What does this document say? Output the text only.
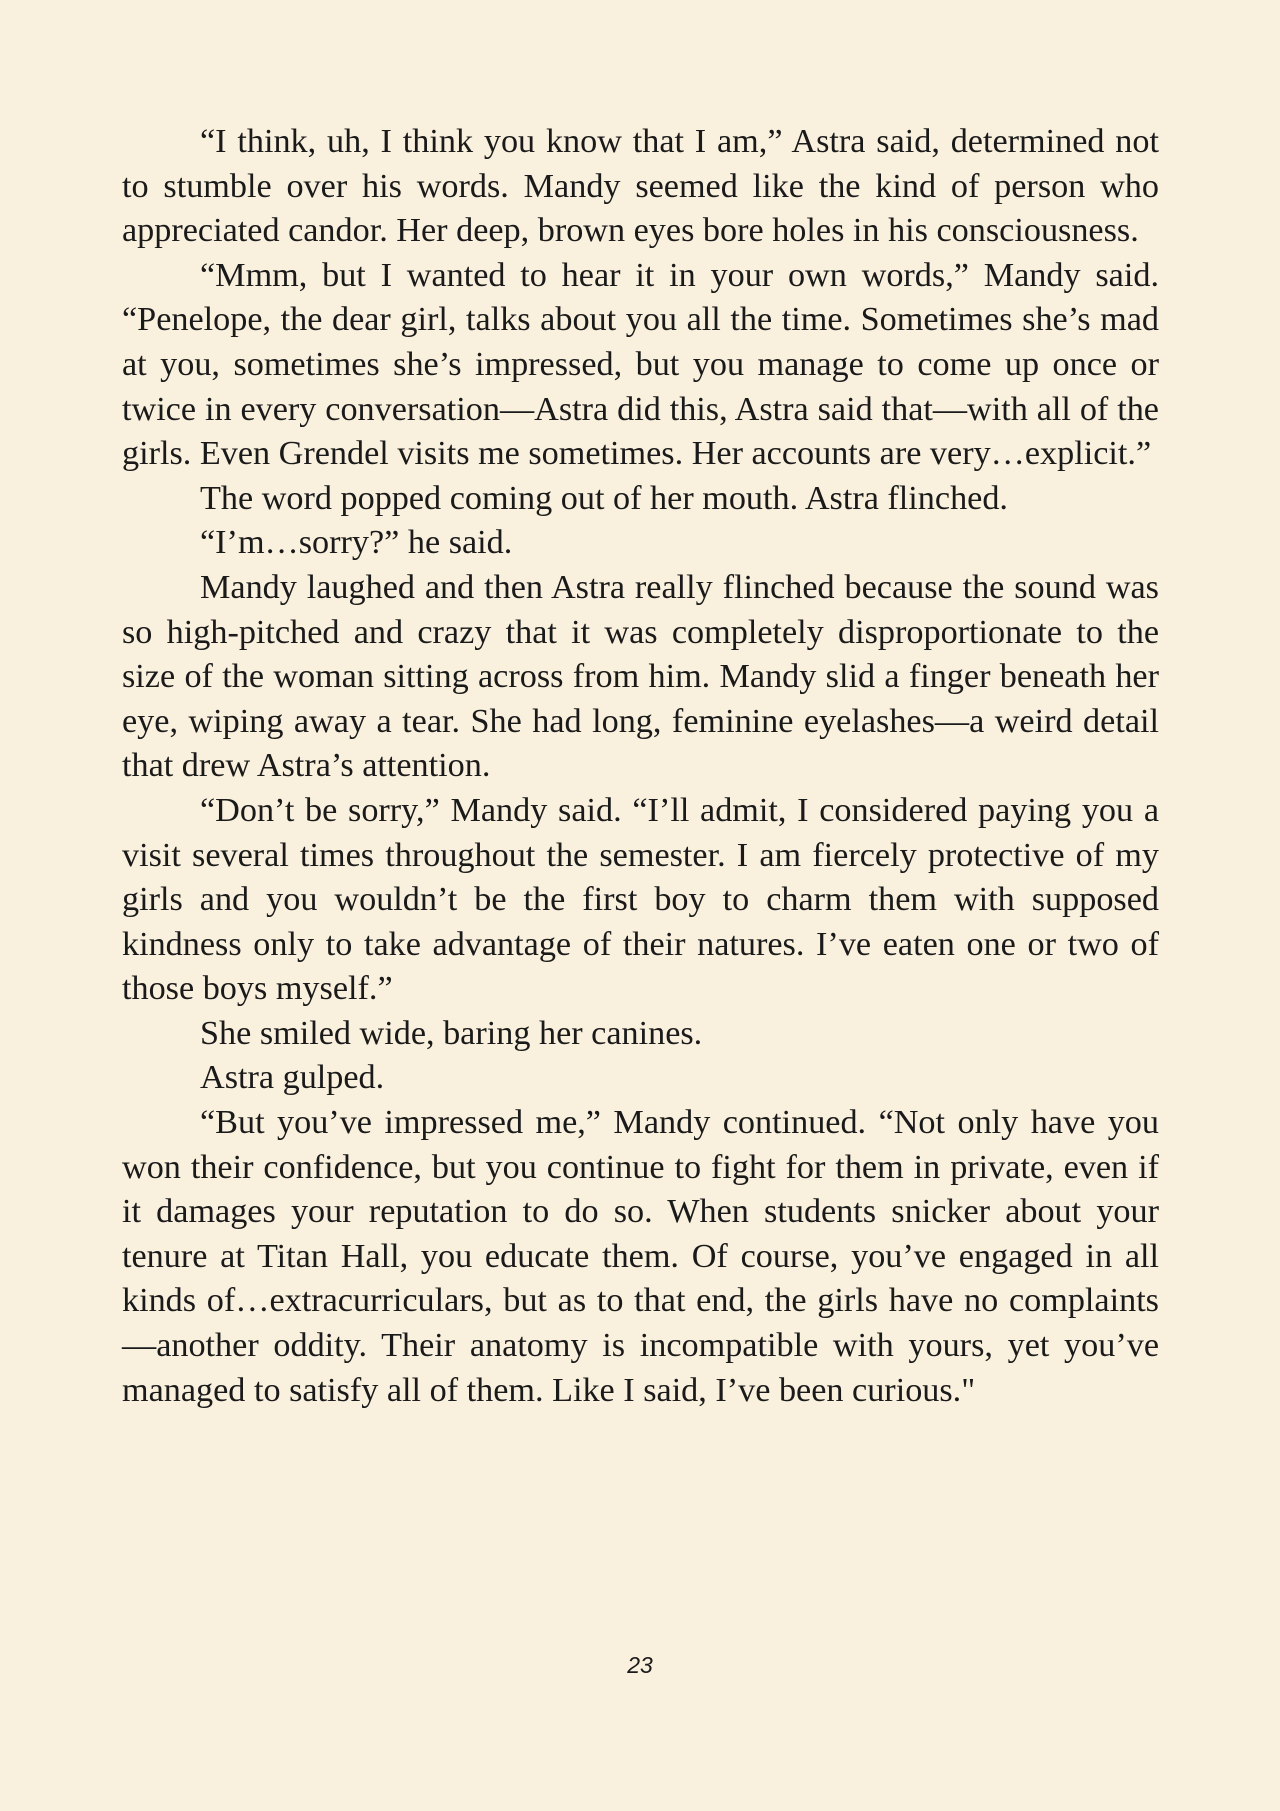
“I think, uh, I think you know that I am,” Astra said, determined not to stumble over his words. Mandy seemed like the kind of person who appreciated candor. Her deep, brown eyes bore holes in his consciousness.

“Mmm, but I wanted to hear it in your own words,” Mandy said. “Penelope, the dear girl, talks about you all the time. Sometimes she’s mad at you, sometimes she’s impressed, but you manage to come up once or twice in every conversation—Astra did this, Astra said that—with all of the girls. Even Grendel visits me sometimes. Her accounts are very…explicit.”

The word popped coming out of her mouth. Astra flinched.

“I’m…sorry?” he said.

Mandy laughed and then Astra really flinched because the sound was so high-pitched and crazy that it was completely disproportionate to the size of the woman sitting across from him. Mandy slid a finger beneath her eye, wiping away a tear. She had long, feminine eyelashes—a weird detail that drew Astra’s attention.

“Don’t be sorry,” Mandy said. “I’ll admit, I considered paying you a visit several times throughout the semester. I am fiercely protective of my girls and you wouldn’t be the first boy to charm them with supposed kindness only to take advantage of their natures. I’ve eaten one or two of those boys myself.”

She smiled wide, baring her canines.

Astra gulped.

“But you’ve impressed me,” Mandy continued. “Not only have you won their confidence, but you continue to fight for them in private, even if it damages your reputation to do so. When students snicker about your tenure at Titan Hall, you educate them. Of course, you’ve engaged in all kinds of…extracurriculars, but as to that end, the girls have no complaints—another oddity. Their anatomy is incompatible with yours, yet you’ve managed to satisfy all of them. Like I said, I’ve been curious."

23
